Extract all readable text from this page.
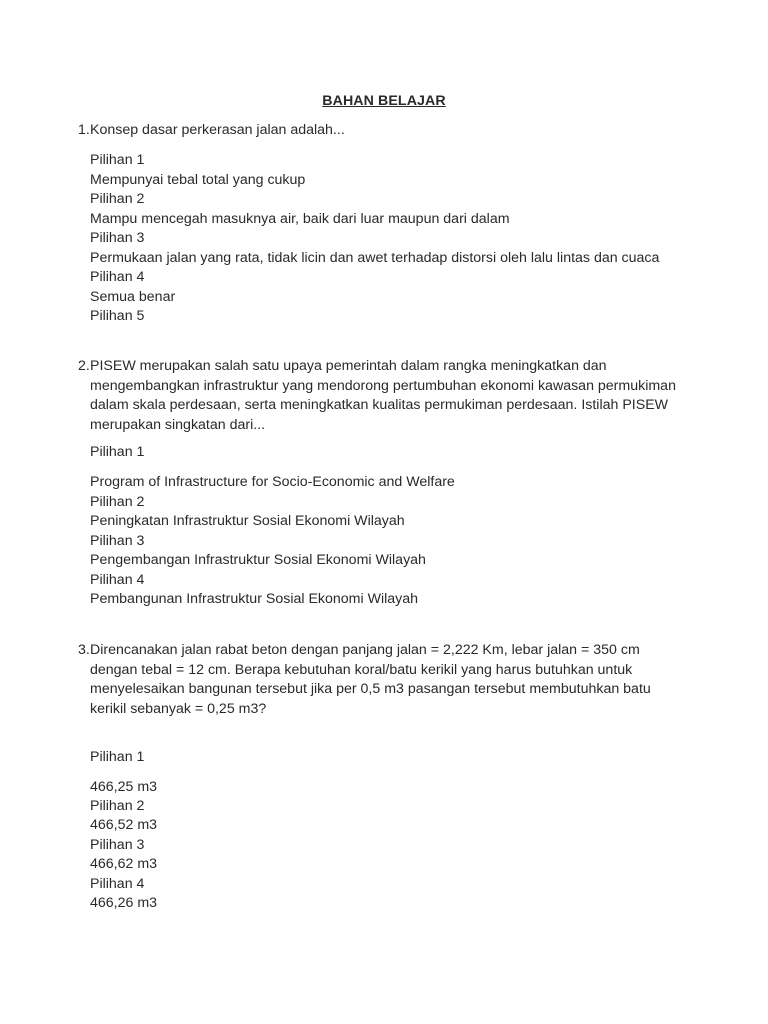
BAHAN BELAJAR
1. Konsep dasar perkerasan jalan adalah...
Pilihan 1
Mempunyai tebal total yang cukup
Pilihan 2
Mampu mencegah masuknya air, baik dari luar maupun dari dalam
Pilihan 3
Permukaan jalan yang rata, tidak licin dan awet terhadap distorsi oleh lalu lintas dan cuaca
Pilihan 4
Semua benar
Pilihan 5
2. PISEW merupakan salah satu upaya pemerintah dalam rangka meningkatkan dan mengembangkan infrastruktur yang mendorong pertumbuhan ekonomi kawasan permukiman dalam skala perdesaan, serta meningkatkan kualitas permukiman perdesaan. Istilah PISEW merupakan singkatan dari...
Pilihan 1
Program of Infrastructure for Socio-Economic and Welfare
Pilihan 2
Peningkatan Infrastruktur Sosial Ekonomi Wilayah
Pilihan 3
Pengembangan Infrastruktur Sosial Ekonomi Wilayah
Pilihan 4
Pembangunan Infrastruktur Sosial Ekonomi Wilayah
3. Direncanakan jalan rabat beton dengan panjang jalan = 2,222 Km, lebar jalan = 350 cm dengan tebal = 12 cm. Berapa kebutuhan koral/batu kerikil yang harus butuhkan untuk menyelesaikan bangunan tersebut jika per 0,5 m3 pasangan tersebut membutuhkan batu kerikil sebanyak = 0,25 m3?
Pilihan 1
466,25 m3
Pilihan 2
466,52 m3
Pilihan 3
466,62 m3
Pilihan 4
466,26 m3
